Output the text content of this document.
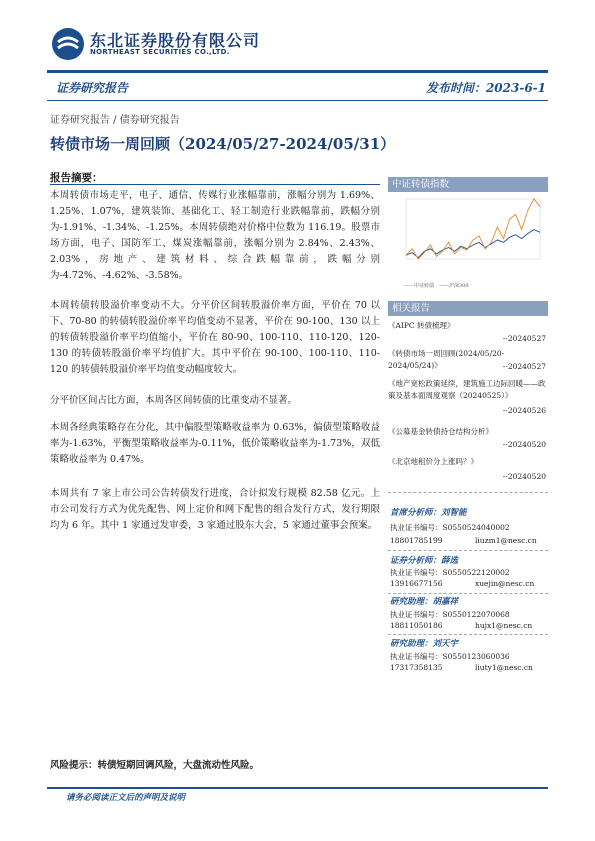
东北证券股份有限公司
NORTHEAST SECURITIES CO.,LTD.
证券研究报告	发布时间：2023-6-1
证券研究报告 / 债券研究报告
转债市场一周回顾（2024/05/27-2024/05/31）
报告摘要：
本周转债市场走平，电子、通信、传媒行业涨幅靠前，涨幅分别为 1.69%、1.25%、1.07%，建筑装饰、基础化工、轻工制造行业跌幅靠前，跌幅分别为-1.91%、-1.34%、-1.25%。本周转债绝对价格中位数为 116.19。股票市场方面，电子、国防军工、煤炭涨幅靠前，涨幅分别为 2.84%、2.43%、2.03%，房地产、建筑材料、综合跌幅靠前，跌幅分别为-4.72%、-4.62%、-3.58%。
本周转债转股溢价率变动不大。分平价区间转股溢价率方面，平价在 70 以下、70-80 的转债转股溢价率平均值变动不显著，平价在 90-100、130 以上的转债转股溢价率平均值缩小，平价在 80-90、100-110、110-120、120-130 的转债转股溢价率平均值扩大。其中平价在 90-100、100-110、110-120 的转债转股溢价率平均值变动幅度较大。
分平价区间占比方面，本周各区间转债的比重变动不显著。
本周各经典策略存在分化，其中偏股型策略收益率为 0.63%，偏债型策略收益率为-1.63%，平衡型策略收益率为-0.11%，低价策略收益率为-1.73%，双低策略收益率为 0.47%。
本周共有 7 家上市公司公告转债发行进度，合计拟发行规模 82.58 亿元。上市公司发行方式为优先配售、网上定价和网下配售的组合发行方式，发行期限均为 6 年。其中 1 家通过发审委，3 家通过股东大会，5 家通过董事会预案。
中证转债指数
——中证转债　——沪深300
相关报告
《AIPC 转债梳理》
--20240527
《转债市场一周回顾(2024/05/20-2024/05/24)》	--20240527
《地产宽松政策延续，建筑施工边际回暖——政策及基本面周度观察（20240525）》
--20240526
《公募基金转债持仓结构分析》
--20240520
《北京地租价分上涨吗？》
--20240520
首席分析师：刘智能
执业证书编号：S0550524040002
18801785199	liuzm1@nesc.cn
证券分析师：薛选
执业证书编号：S0550522120002
13916677156	xuejin@nesc.cn
研究助理：胡嘉祥
执业证书编号：S0550122070068
18811050186	hujx1@nesc.cn
研究助理：刘天宇
执业证书编号：S0550123060036
17317358135	liuty1@nesc.cn
风险提示：转债短期回调风险，大盘流动性风险。
请务必阅读正文后的声明及说明
